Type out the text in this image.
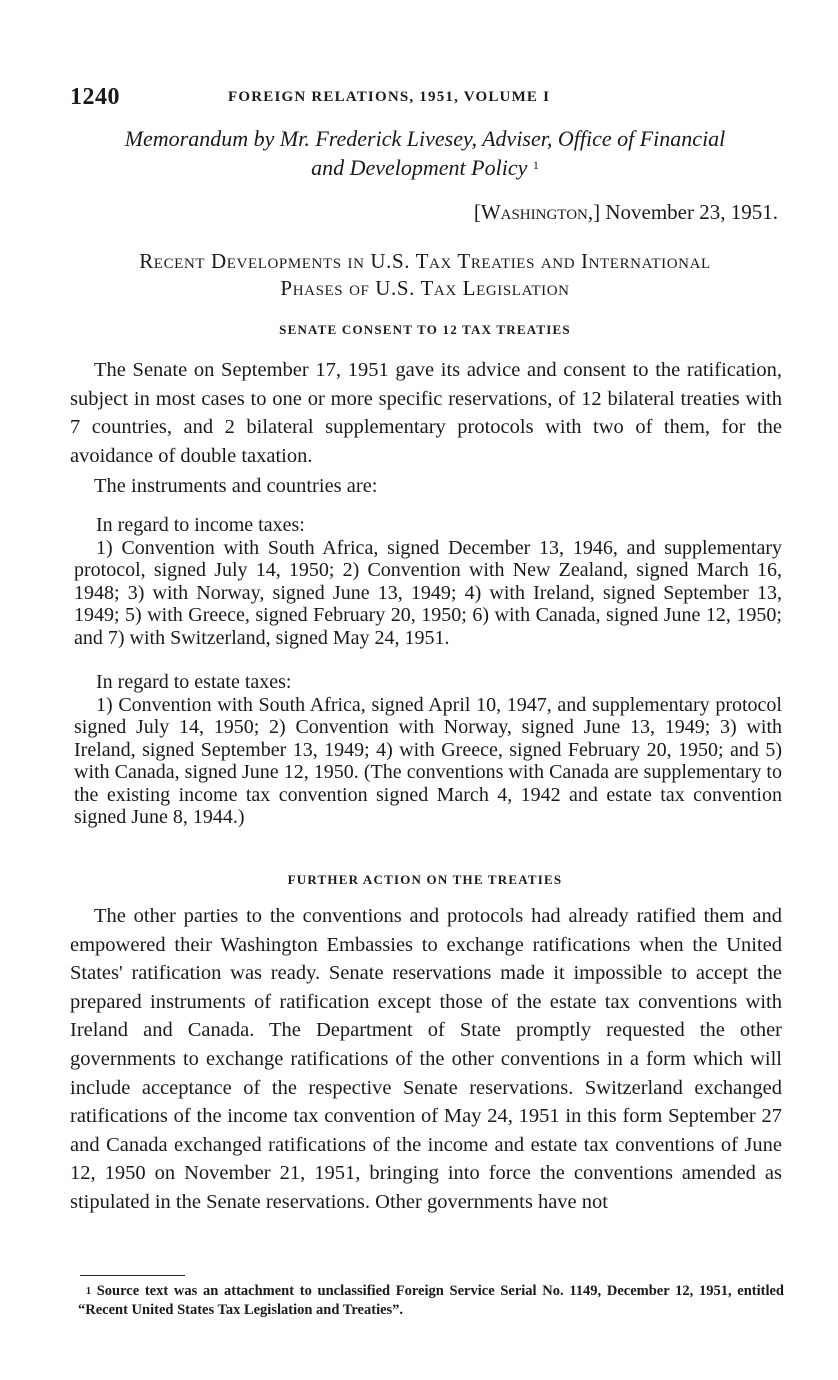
1240	FOREIGN RELATIONS, 1951, VOLUME I
Memorandum by Mr. Frederick Livesey, Adviser, Office of Financial
and Development Policy $^1$
[Washington,] November 23, 1951.
Recent Developments in U.S. Tax Treaties and International
Phases of U.S. Tax Legislation
SENATE CONSENT TO 12 TAX TREATIES

The Senate on September 17, 1951 gave its advice and consent to the ratification, subject in most cases to one or more specific reservations, of 12 bilateral treaties with 7 countries, and 2 bilateral supplementary protocols with two of them, for the avoidance of double taxation.

The instruments and countries are:

In regard to income taxes:

1) Convention with South Africa, signed December 13, 1946, and supplementary protocol, signed July 14, 1950; 2) Convention with New Zealand, signed March 16, 1948; 3) with Norway, signed June 13, 1949; 4) with Ireland, signed September 13, 1949; 5) with Greece, signed February 20, 1950; 6) with Canada, signed June 12, 1950; and 7) with Switzerland, signed May 24, 1951.

In regard to estate taxes:

1) Convention with South Africa, signed April 10, 1947, and supplementary protocol signed July 14, 1950; 2) Convention with Norway, signed June 13, 1949; 3) with Ireland, signed September 13, 1949; 4) with Greece, signed February 20, 1950; and 5) with Canada, signed June 12, 1950. (The conventions with Canada are supplementary to the existing income tax convention signed March 4, 1942 and estate tax convention signed June 8, 1944.)

FURTHER ACTION ON THE TREATIES

The other parties to the conventions and protocols had already ratified them and empowered their Washington Embassies to exchange ratifications when the United States' ratification was ready. Senate reservations made it impossible to accept the prepared instruments of ratification except those of the estate tax conventions with Ireland and Canada. The Department of State promptly requested the other governments to exchange ratifications of the other conventions in a form which will include acceptance of the respective Senate reservations. Switzerland exchanged ratifications of the income tax convention of May 24, 1951 in this form September 27 and Canada exchanged ratifications of the income and estate tax conventions of June 12, 1950 on November 21, 1951, bringing into force the conventions amended as stipulated in the Senate reservations. Other governments have not

$^1$ Source text was an attachment to unclassified Foreign Service Serial No. 1149, December 12, 1951, entitled “Recent United States Tax Legislation and Treaties”.
